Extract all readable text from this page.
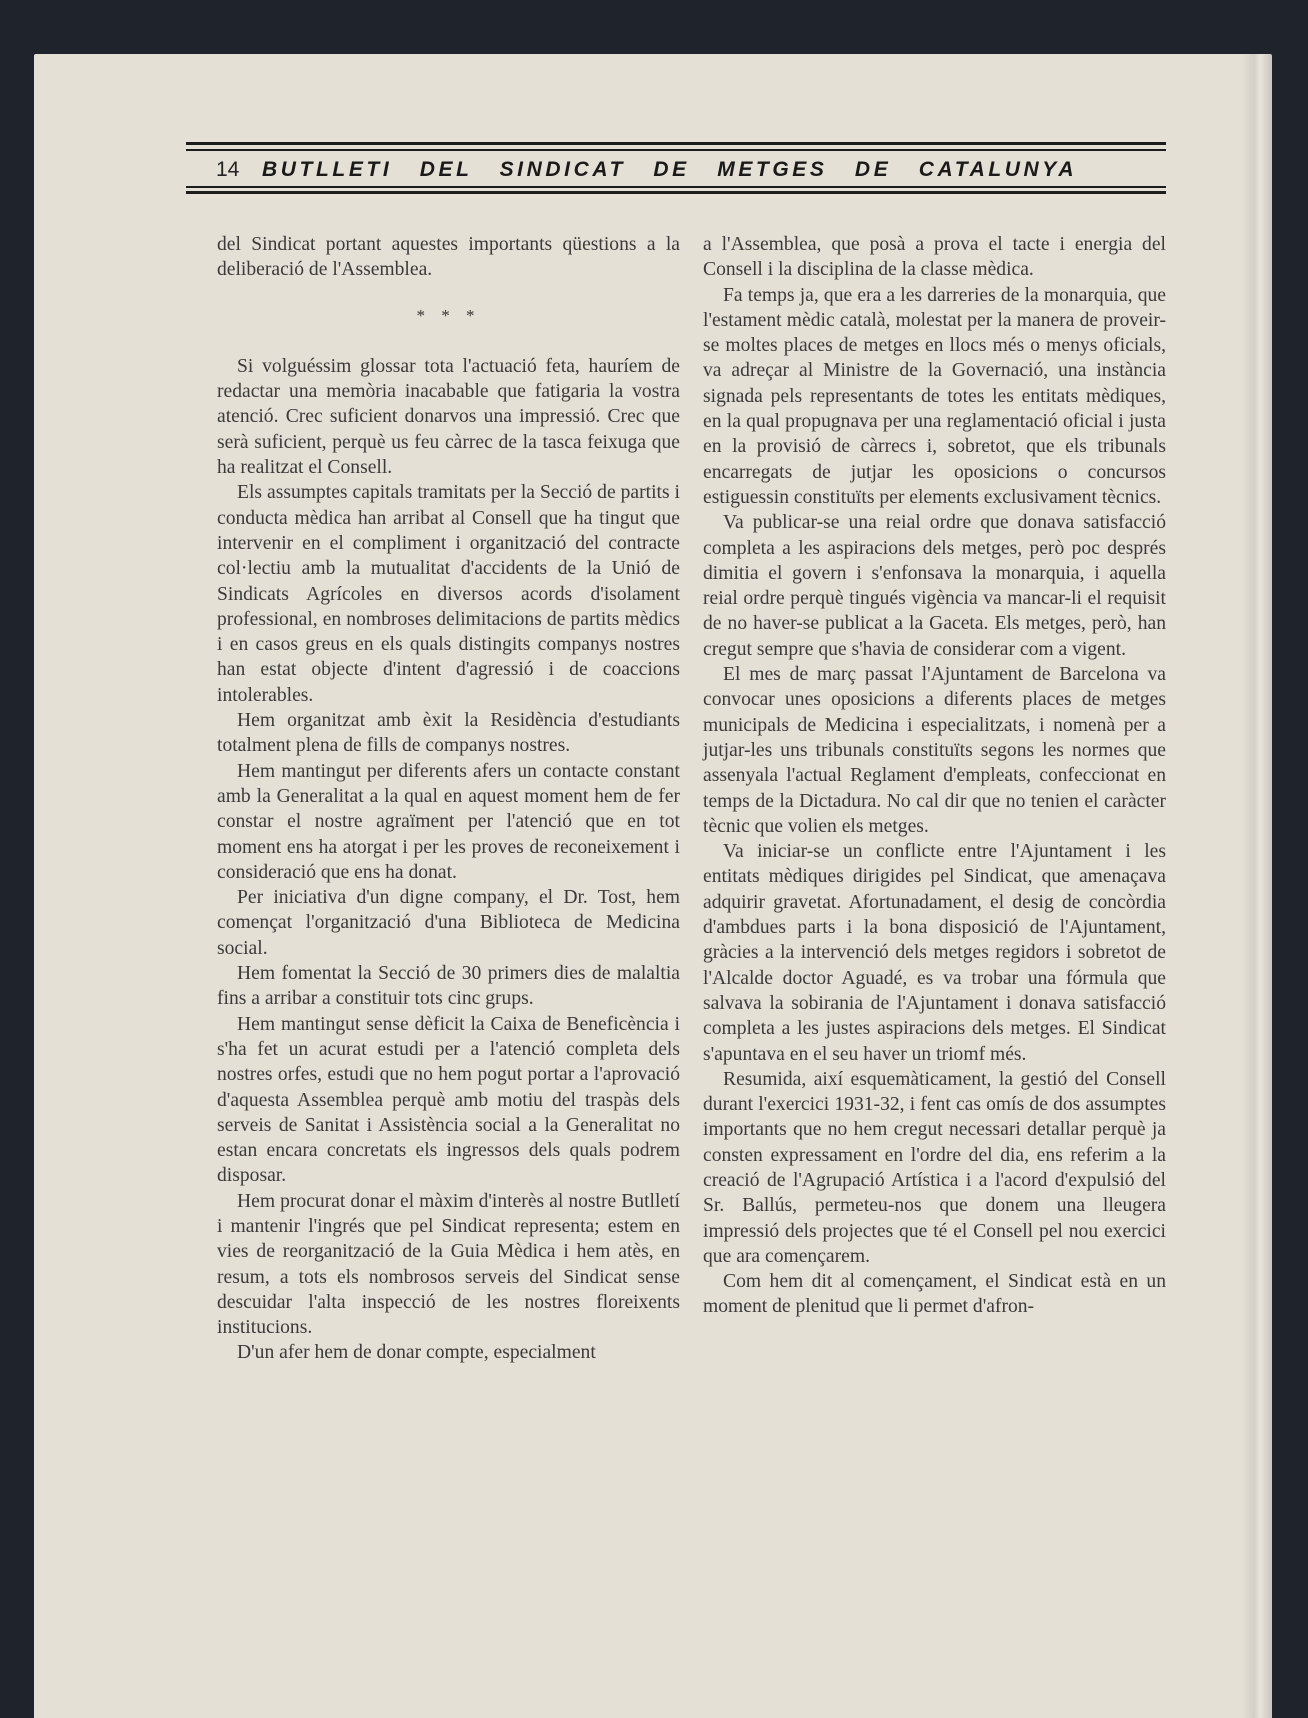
14	BUTLLETI DEL SINDICAT DE METGES DE CATALUNYA

del Sindicat portant aquestes importants qüestions a la deliberació de l'Assemblea.

* * *

Si volguéssim glossar tota l'actuació feta, hauríem de redactar una memòria inacabable que fatigaria la vostra atenció. Crec suficient donarvos una impressió. Crec que serà suficient, perquè us feu càrrec de la tasca feixuga que ha realitzat el Consell.

Els assumptes capitals tramitats per la Secció de partits i conducta mèdica han arribat al Consell que ha tingut que intervenir en el compliment i organització del contracte col·lectiu amb la mutualitat d'accidents de la Unió de Sindicats Agrícoles en diversos acords d'isolament professional, en nombroses delimitacions de partits mèdics i en casos greus en els quals distingits companys nostres han estat objecte d'intent d'agressió i de coaccions intolerables.

Hem organitzat amb èxit la Residència d'estudiants totalment plena de fills de companys nostres.

Hem mantingut per diferents afers un contacte constant amb la Generalitat a la qual en aquest moment hem de fer constar el nostre agraïment per l'atenció que en tot moment ens ha atorgat i per les proves de reconeixement i consideració que ens ha donat.

Per iniciativa d'un digne company, el Dr. Tost, hem començat l'organització d'una Biblioteca de Medicina social.

Hem fomentat la Secció de 30 primers dies de malaltia fins a arribar a constituir tots cinc grups.

Hem mantingut sense dèficit la Caixa de Beneficència i s'ha fet un acurat estudi per a l'atenció completa dels nostres orfes, estudi que no hem pogut portar a l'aprovació d'aquesta Assemblea perquè amb motiu del traspàs dels serveis de Sanitat i Assistència social a la Generalitat no estan encara concretats els ingressos dels quals podrem disposar.

Hem procurat donar el màxim d'interès al nostre Butlletí i mantenir l'ingrés que pel Sindicat representa; estem en vies de reorganització de la Guia Mèdica i hem atès, en resum, a tots els nombrosos serveis del Sindicat sense descuidar l'alta inspecció de les nostres floreixents institucions.

D'un afer hem de donar compte, especialment

a l'Assemblea, que posà a prova el tacte i energia del Consell i la disciplina de la classe mèdica.

Fa temps ja, que era a les darreries de la monarquia, que l'estament mèdic català, molestat per la manera de proveir-se moltes places de metges en llocs més o menys oficials, va adreçar al Ministre de la Governació, una instància signada pels representants de totes les entitats mèdiques, en la qual propugnava per una reglamentació oficial i justa en la provisió de càrrecs i, sobretot, que els tribunals encarregats de jutjar les oposicions o concursos estiguessin constituïts per elements exclusivament tècnics.

Va publicar-se una reial ordre que donava satisfacció completa a les aspiracions dels metges, però poc després dimitia el govern i s'enfonsava la monarquia, i aquella reial ordre perquè tingués vigència va mancar-li el requisit de no haver-se publicat a la Gaceta. Els metges, però, han cregut sempre que s'havia de considerar com a vigent.

El mes de març passat l'Ajuntament de Barcelona va convocar unes oposicions a diferents places de metges municipals de Medicina i especialitzats, i nomenà per a jutjar-les uns tribunals constituïts segons les normes que assenyala l'actual Reglament d'empleats, confeccionat en temps de la Dictadura. No cal dir que no tenien el caràcter tècnic que volien els metges.

Va iniciar-se un conflicte entre l'Ajuntament i les entitats mèdiques dirigides pel Sindicat, que amenaçava adquirir gravetat. Afortunadament, el desig de concòrdia d'ambdues parts i la bona disposició de l'Ajuntament, gràcies a la intervenció dels metges regidors i sobretot de l'Alcalde doctor Aguadé, es va trobar una fórmula que salvava la sobirania de l'Ajuntament i donava satisfacció completa a les justes aspiracions dels metges. El Sindicat s'apuntava en el seu haver un triomf més.

Resumida, així esquemàticament, la gestió del Consell durant l'exercici 1931-32, i fent cas omís de dos assumptes importants que no hem cregut necessari detallar perquè ja consten expressament en l'ordre del dia, ens referim a la creació de l'Agrupació Artística i a l'acord d'expulsió del Sr. Ballús, permeteu-nos que donem una lleugera impressió dels projectes que té el Consell pel nou exercici que ara començarem.

Com hem dit al començament, el Sindicat està en un moment de plenitud que li permet d'afron-
